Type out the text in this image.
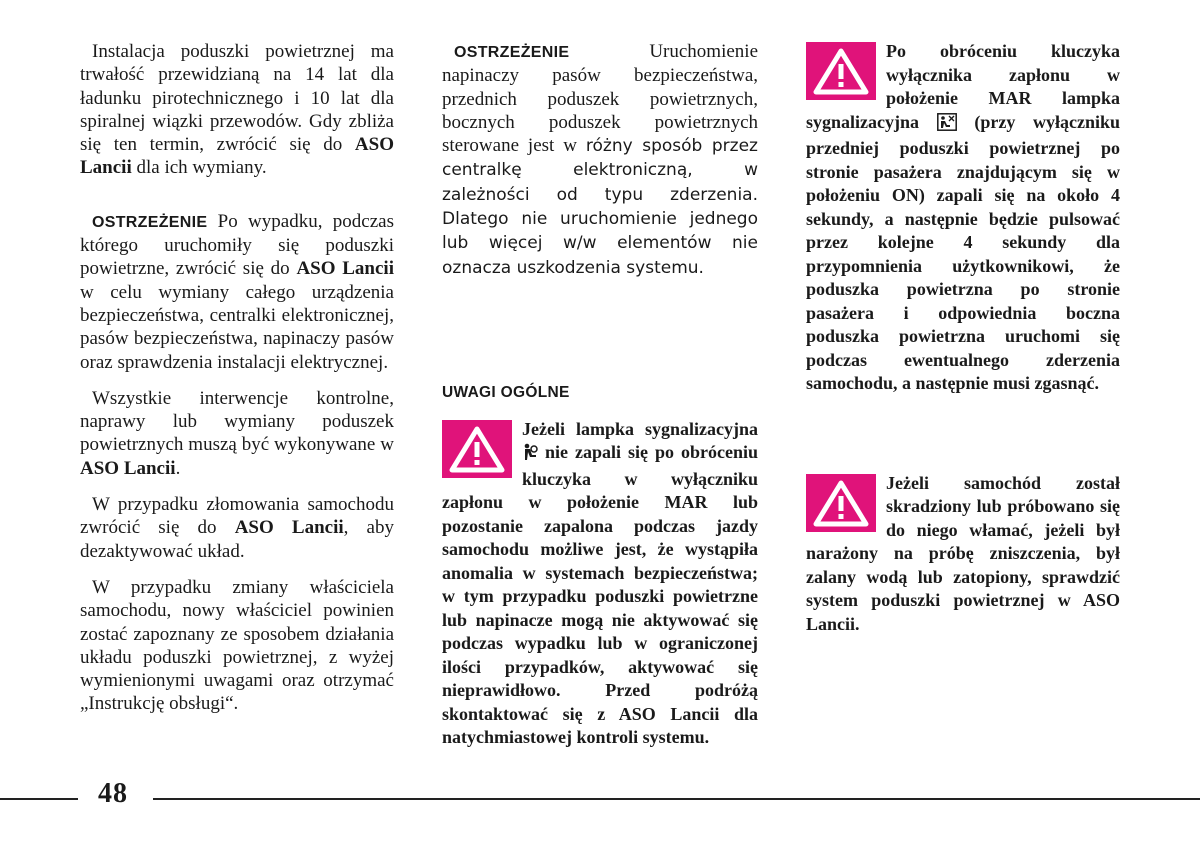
Instalacja poduszki powietrznej ma trwałość przewidzianą na 14 lat dla ładunku pirotechnicznego i 10 lat dla spiralnej wiązki przewodów. Gdy zbliża się ten termin, zwrócić się do ASO Lancii dla ich wymiany.

OSTRZEŻENIE Po wypadku, podczas którego uruchomiły się poduszki powietrzne, zwrócić się do ASO Lancii w celu wymiany całego urządzenia bezpieczeństwa, centralki elektronicznej, pasów bezpieczeństwa, napinaczy pasów oraz sprawdzenia instalacji elektrycznej.

Wszystkie interwencje kontrolne, naprawy lub wymiany poduszek powietrznych muszą być wykonywane w ASO Lancii.

W przypadku złomowania samochodu zwrócić się do ASO Lancii, aby dezaktywować układ.

W przypadku zmiany właściciela samochodu, nowy właściciel powinien zostać zapoznany ze sposobem działania układu poduszki powietrznej, z wyżej wymienionymi uwagami oraz otrzymać „Instrukcję obsługi“.

OSTRZEŻENIE Uruchomienie napinaczy pasów bezpieczeństwa, przednich poduszek powietrznych, bocznych poduszek powietrznych sterowane jest w różny sposób przez centralkę elektroniczną, w zależności od typu zderzenia. Dlatego nie uruchomienie jednego lub więcej w/w elementów nie oznacza uszkodzenia systemu.

UWAGI OGÓLNE

Jeżeli lampka sygnalizacyjna  nie zapali się po obróceniu kluczyka w wyłączniku zapłonu w położenie MAR lub pozostanie zapalona podczas jazdy samochodu możliwe jest, że wystąpiła anomalia w systemach bezpieczeństwa; w tym przypadku poduszki powietrzne lub napinacze mogą nie aktywować się podczas wypadku lub w ograniczonej ilości przypadków, aktywować się nieprawidłowo. Przed podróżą skontaktować się z ASO Lancii dla natychmiastowej kontroli systemu.

Po obróceniu kluczyka wyłącznika zapłonu w położenie MAR lampka sygnalizacyjna  (przy wyłączniku przedniej poduszki powietrznej po stronie pasażera znajdującym się w położeniu ON) zapali się na około 4 sekundy, a następnie będzie pulsować przez kolejne 4 sekundy dla przypomnienia użytkownikowi, że poduszka powietrzna po stronie pasażera i odpowiednia boczna poduszka powietrzna uruchomi się podczas ewentualnego zderzenia samochodu, a następnie musi zgasnąć.

Jeżeli samochód został skradziony lub próbowano się do niego włamać, jeżeli był narażony na próbę zniszczenia, był zalany wodą lub zatopiony, sprawdzić system poduszki powietrznej w ASO Lancii.

48
